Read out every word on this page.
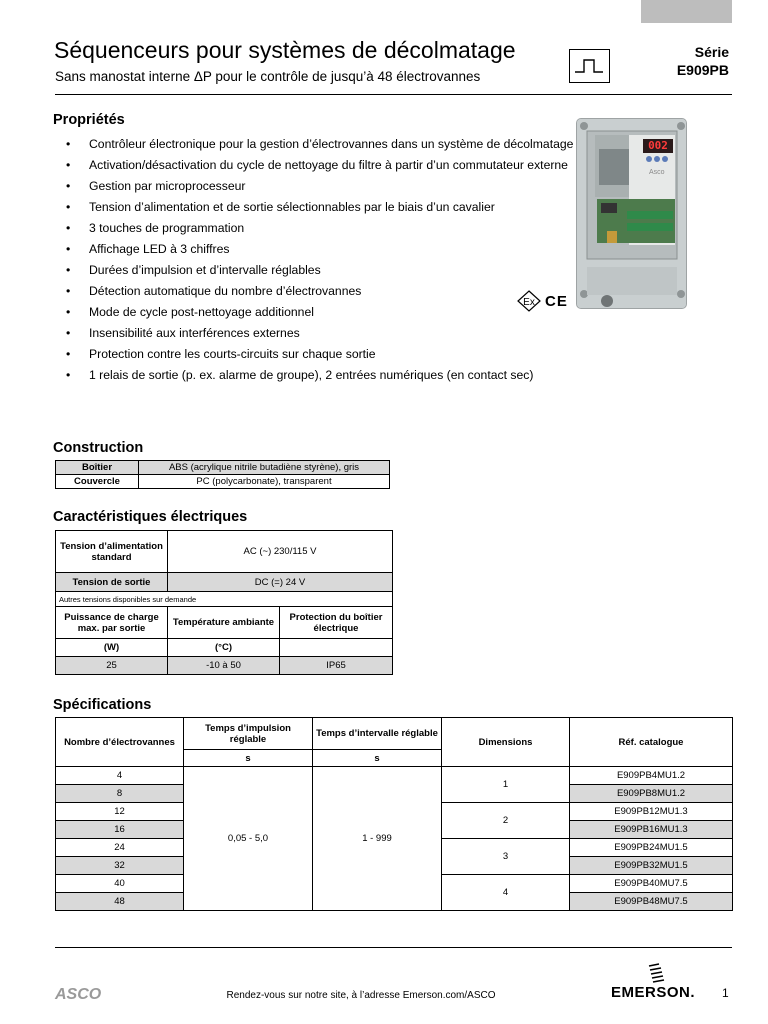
Séquenceurs pour systèmes de décolmatage
Sans manostat interne ΔP pour le contrôle de jusqu’à 48 électrovannes
Série
E909PB
Propriétés
• Contrôleur électronique pour la gestion d’électrovannes dans un système de décolmatage
• Activation/désactivation du cycle de nettoyage du filtre à partir d’un commutateur externe
• Gestion par microprocesseur
• Tension d’alimentation et de sortie sélectionnables par le biais d’un cavalier
• 3 touches de programmation
• Affichage LED à 3 chiffres
• Durées d’impulsion et d’intervalle réglables
• Détection automatique du nombre d’électrovannes
• Mode de cycle post-nettoyage additionnel
• Insensibilité aux interférences externes
• Protection contre les courts-circuits sur chaque sortie
• 1 relais de sortie (p. ex. alarme de groupe), 2 entrées numériques (en contact sec)
002
Asco
Ex CE
Construction
Boîtier	ABS (acrylique nitrile butadiène styrène), gris
Couvercle	PC (polycarbonate), transparent
Caractéristiques électriques
Tension d’alimentation standard	AC (~) 230/115 V	
Tension de sortie	DC (=) 24 V	
Autres tensions disponibles sur demande		
Puissance de charge max. par sortie	Température ambiante	Protection du boîtier électrique
(W)	(°C)	
25	-10 à 50	IP65
Spécifications
Nombre d’électrovannes	Temps d’impulsion réglable	Temps d’intervalle réglable	Dimensions	Réf. catalogue
	s	s		
4	0,05 - 5,0	1 - 999	1	E909PB4MU1.2
8				E909PB8MU1.2
12			2	E909PB12MU1.3
16				E909PB16MU1.3
24			3	E909PB24MU1.5
32				E909PB32MU1.5
40			4	E909PB40MU7.5
48				E909PB48MU7.5
ASCO	Rendez-vous sur notre site, à l’adresse Emerson.com/ASCO	EMERSON.	1
